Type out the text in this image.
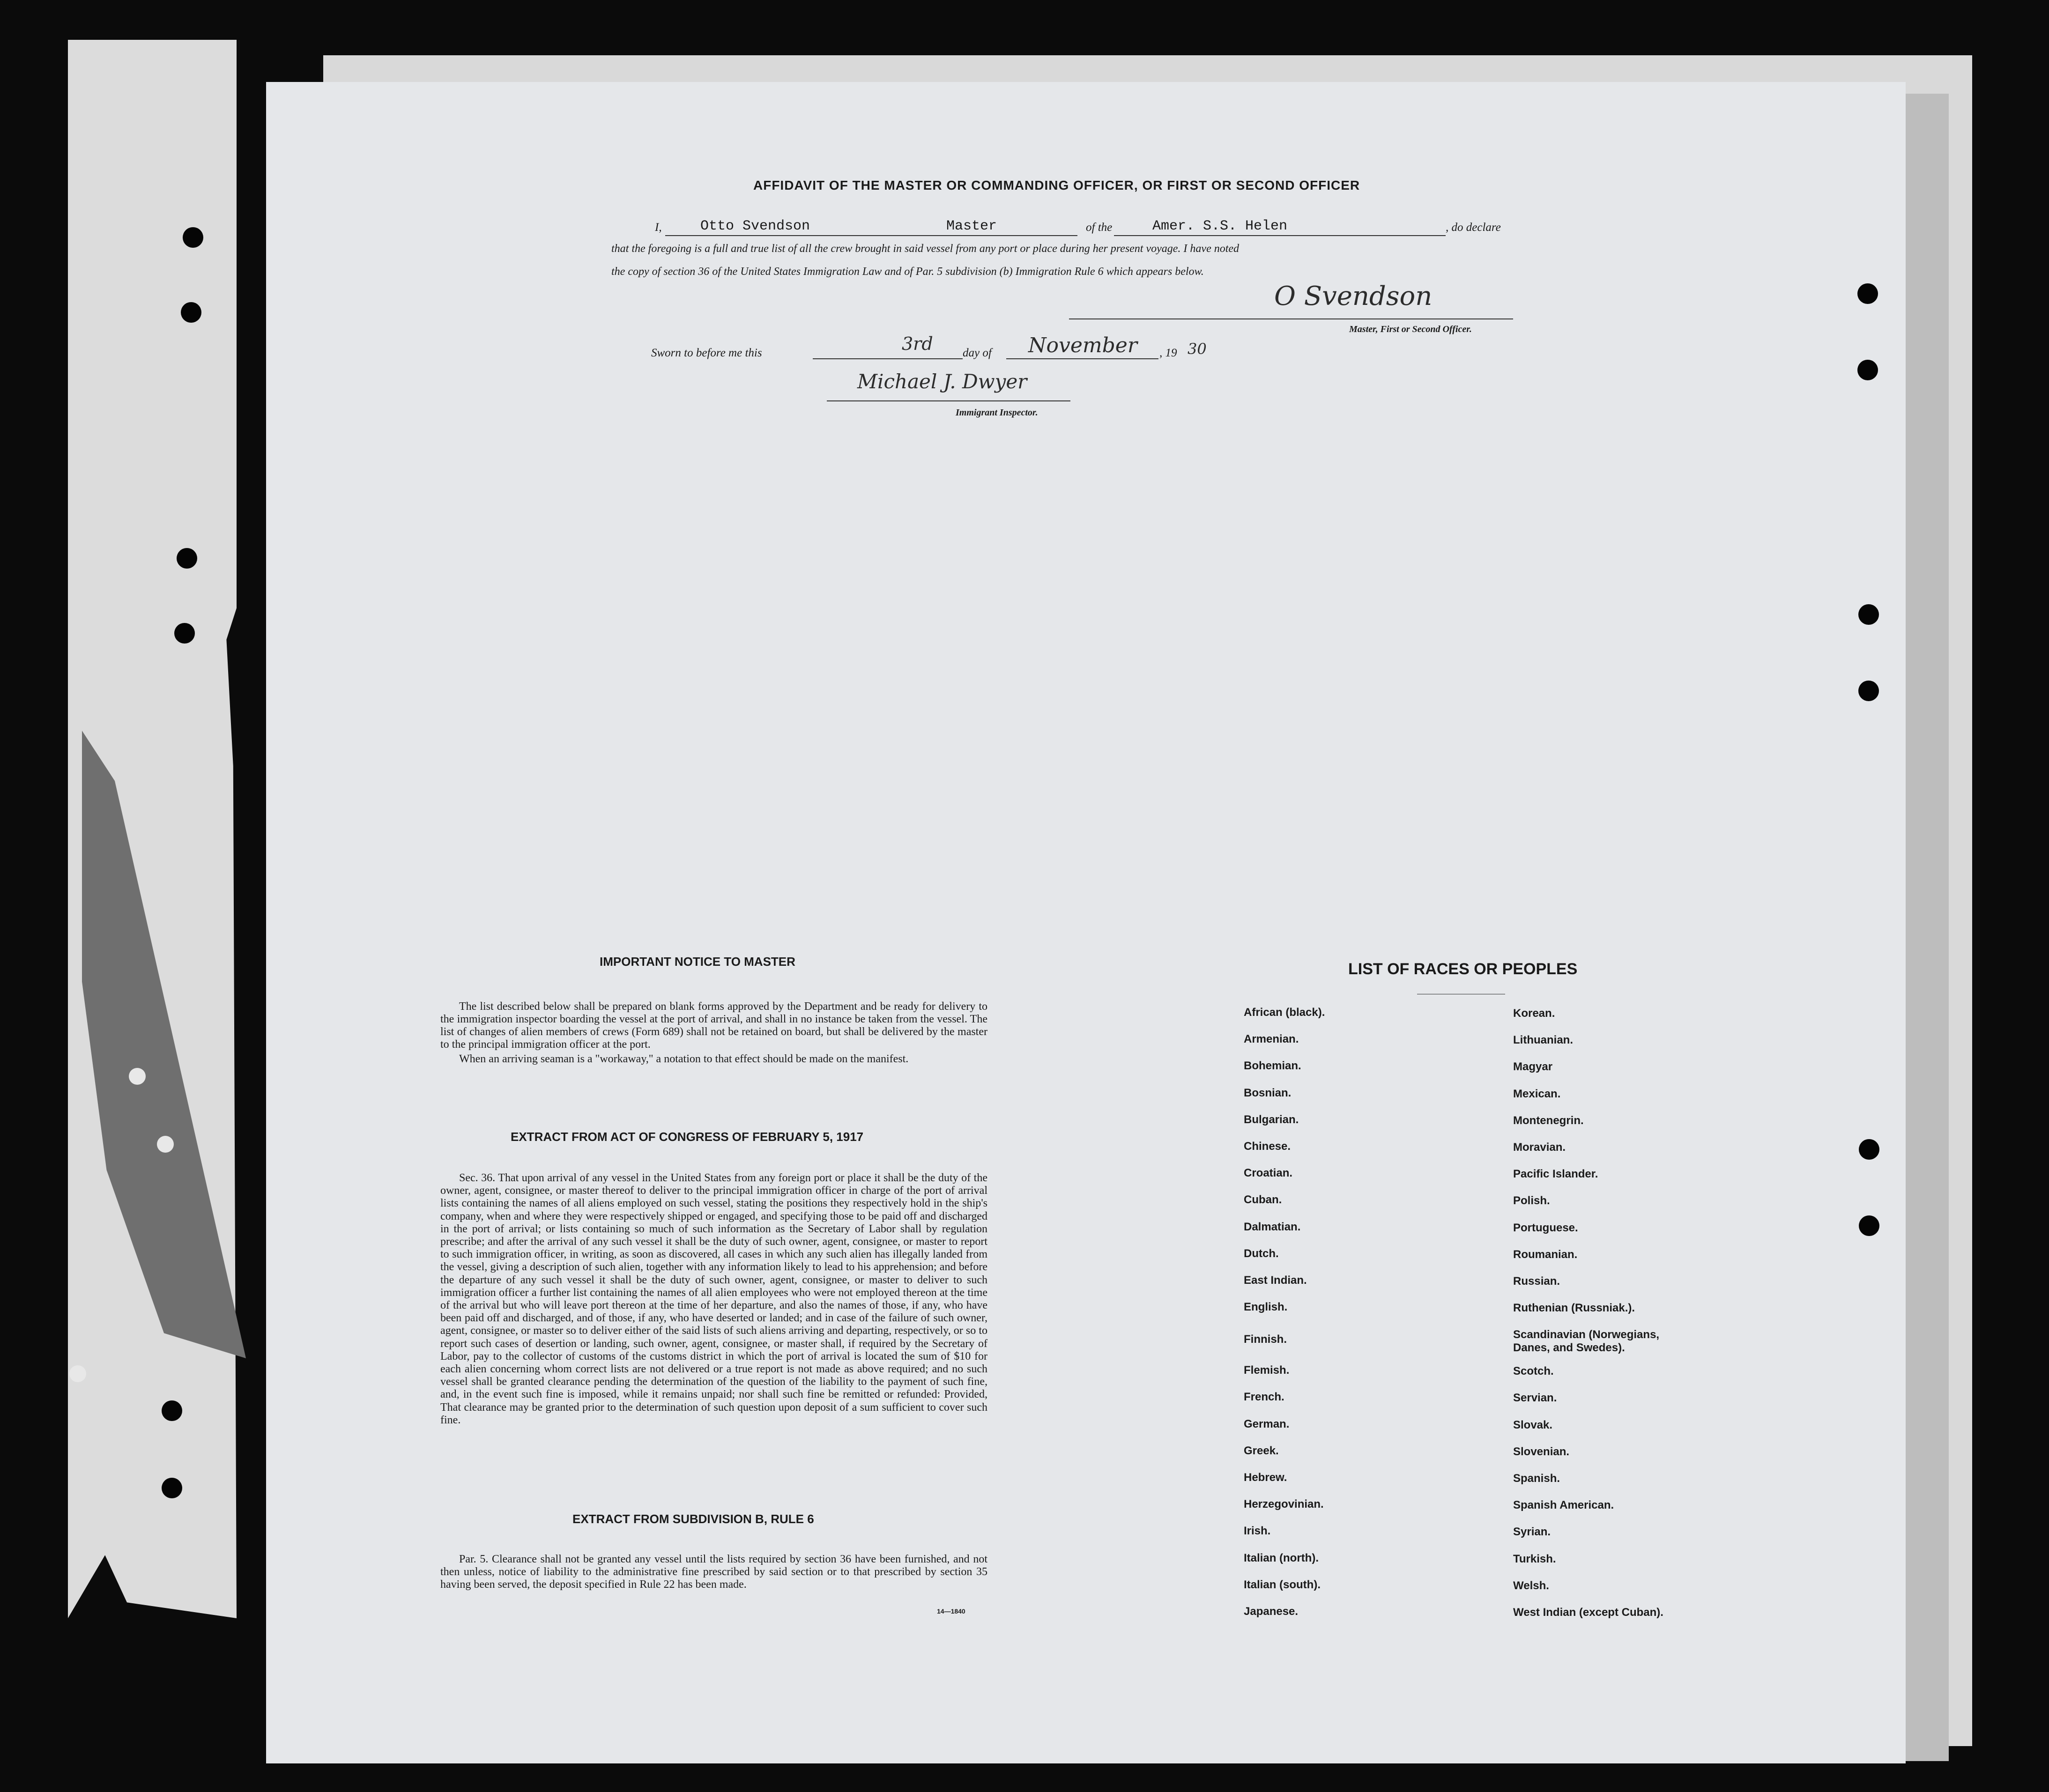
AFFIDAVIT OF THE MASTER OR COMMANDING OFFICER, OR FIRST OR SECOND OFFICER
I,	Otto Svendson	Master	of the	Amer. S.S. Helen	, do declare
that the foregoing is a full and true list of all the crew brought in said vessel from any port or place during her present voyage. I have noted
the copy of section 36 of the United States Immigration Law and of Par. 5 subdivision (b) Immigration Rule 6 which appears below.
O Svendson
Master, First or Second Officer.
Sworn to before me this	3rd	day of November , 19 30
Michael J. Dwyer
Immigrant Inspector.
IMPORTANT NOTICE TO MASTER

The list described below shall be prepared on blank forms approved by the Department and be ready for delivery to the immigration inspector boarding the vessel at the port of arrival, and shall in no instance be taken from the vessel. The list of changes of alien members of crews (Form 689) shall not be retained on board, but shall be delivered by the master to the principal immigration officer at the port.

When an arriving seaman is a "workaway," a notation to that effect should be made on the manifest.

EXTRACT FROM ACT OF CONGRESS OF FEBRUARY 5, 1917

Sec. 36. That upon arrival of any vessel in the United States from any foreign port or place it shall be the duty of the owner, agent, consignee, or master thereof to deliver to the principal immigration officer in charge of the port of arrival lists containing the names of all aliens employed on such vessel, stating the positions they respectively hold in the ship's company, when and where they were respectively shipped or engaged, and specifying those to be paid off and discharged in the port of arrival; or lists containing so much of such information as the Secretary of Labor shall by regulation prescribe; and after the arrival of any such vessel it shall be the duty of such owner, agent, consignee, or master to report to such immigration officer, in writing, as soon as discovered, all cases in which any such alien has illegally landed from the vessel, giving a description of such alien, together with any information likely to lead to his apprehension; and before the departure of any such vessel it shall be the duty of such owner, agent, consignee, or master to deliver to such immigration officer a further list containing the names of all alien employees who were not employed thereon at the time of the arrival but who will leave port thereon at the time of her departure, and also the names of those, if any, who have been paid off and discharged, and of those, if any, who have deserted or landed; and in case of the failure of such owner, agent, consignee, or master so to deliver either of the said lists of such aliens arriving and departing, respectively, or so to report such cases of desertion or landing, such owner, agent, consignee, or master shall, if required by the Secretary of Labor, pay to the collector of customs of the customs district in which the port of arrival is located the sum of $10 for each alien concerning whom correct lists are not delivered or a true report is not made as above required; and no such vessel shall be granted clearance pending the determination of the question of the liability to the payment of such fine, and, in the event such fine is imposed, while it remains unpaid; nor shall such fine be remitted or refunded: Provided, That clearance may be granted prior to the determination of such question upon deposit of a sum sufficient to cover such fine.

EXTRACT FROM SUBDIVISION B, RULE 6

Par. 5. Clearance shall not be granted any vessel until the lists required by section 36 have been furnished, and not then unless, notice of liability to the administrative fine prescribed by said section or to that prescribed by section 35 having been served, the deposit specified in Rule 22 has been made.

14—1840
LIST OF RACES OR PEOPLES
African (black).
Armenian.
Bohemian.
Bosnian.
Bulgarian.
Chinese.
Croatian.
Cuban.
Dalmatian.
Dutch.
East Indian.
English.
Finnish.
Flemish.
French.
German.
Greek.
Hebrew.
Herzegovinian.
Irish.
Italian (north).
Italian (south).
Japanese.
Korean.
Lithuanian.
Magyar
Mexican.
Montenegrin.
Moravian.
Pacific Islander.
Polish.
Portuguese.
Roumanian.
Russian.
Ruthenian (Russniak.).
Scandinavian (Norwegians, Danes, and Swedes).
Scotch.
Servian.
Slovak.
Slovenian.
Spanish.
Spanish American.
Syrian.
Turkish.
Welsh.
West Indian (except Cuban).
